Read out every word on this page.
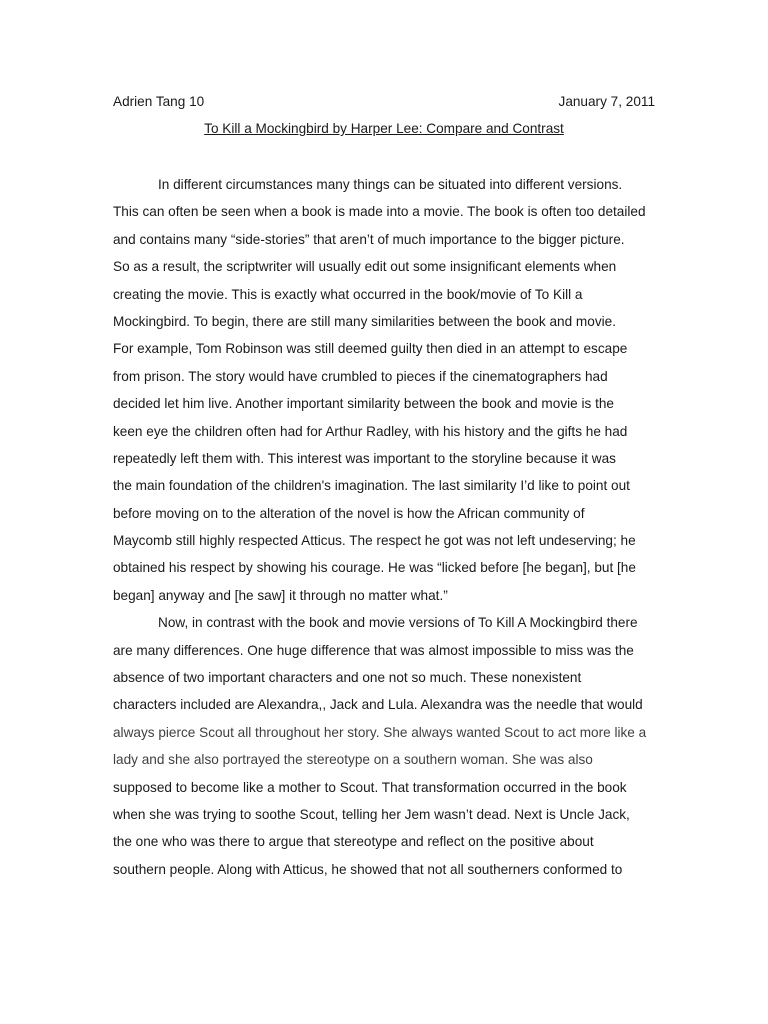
Adrien Tang 10	January 7, 2011
To Kill a Mockingbird by Harper Lee: Compare and Contrast
In different circumstances many things can be situated into different versions.
This can often be seen when a book is made into a movie. The book is often too detailed
and contains many “side-stories” that aren’t of much importance to the bigger picture.
So as a result, the scriptwriter will usually edit out some insignificant elements when
creating the movie. This is exactly what occurred in the book/movie of To Kill a
Mockingbird. To begin, there are still many similarities between the book and movie.
For example, Tom Robinson was still deemed guilty then died in an attempt to escape
from prison. The story would have crumbled to pieces if the cinematographers had
decided let him live. Another important similarity between the book and movie is the
keen eye the children often had for Arthur Radley, with his history and the gifts he had
repeatedly left them with. This interest was important to the storyline because it was
the main foundation of the children's imagination. The last similarity I’d like to point out
before moving on to the alteration of the novel is how the African community of
Maycomb still highly respected Atticus. The respect he got was not left undeserving; he
obtained his respect by showing his courage. He was “licked before [he began], but [he
began] anyway and [he saw] it through no matter what.”
Now, in contrast with the book and movie versions of To Kill A Mockingbird there
are many differences. One huge difference that was almost impossible to miss was the
absence of two important characters and one not so much. These nonexistent
characters included are Alexandra,, Jack and Lula. Alexandra was the needle that would
always pierce Scout all throughout her story. She always wanted Scout to act more like a
lady and she also portrayed the stereotype on a southern woman. She was also
supposed to become like a mother to Scout. That transformation occurred in the book
when she was trying to soothe Scout, telling her Jem wasn’t dead. Next is Uncle Jack,
the one who was there to argue that stereotype and reflect on the positive about
southern people. Along with Atticus, he showed that not all southerners conformed to
